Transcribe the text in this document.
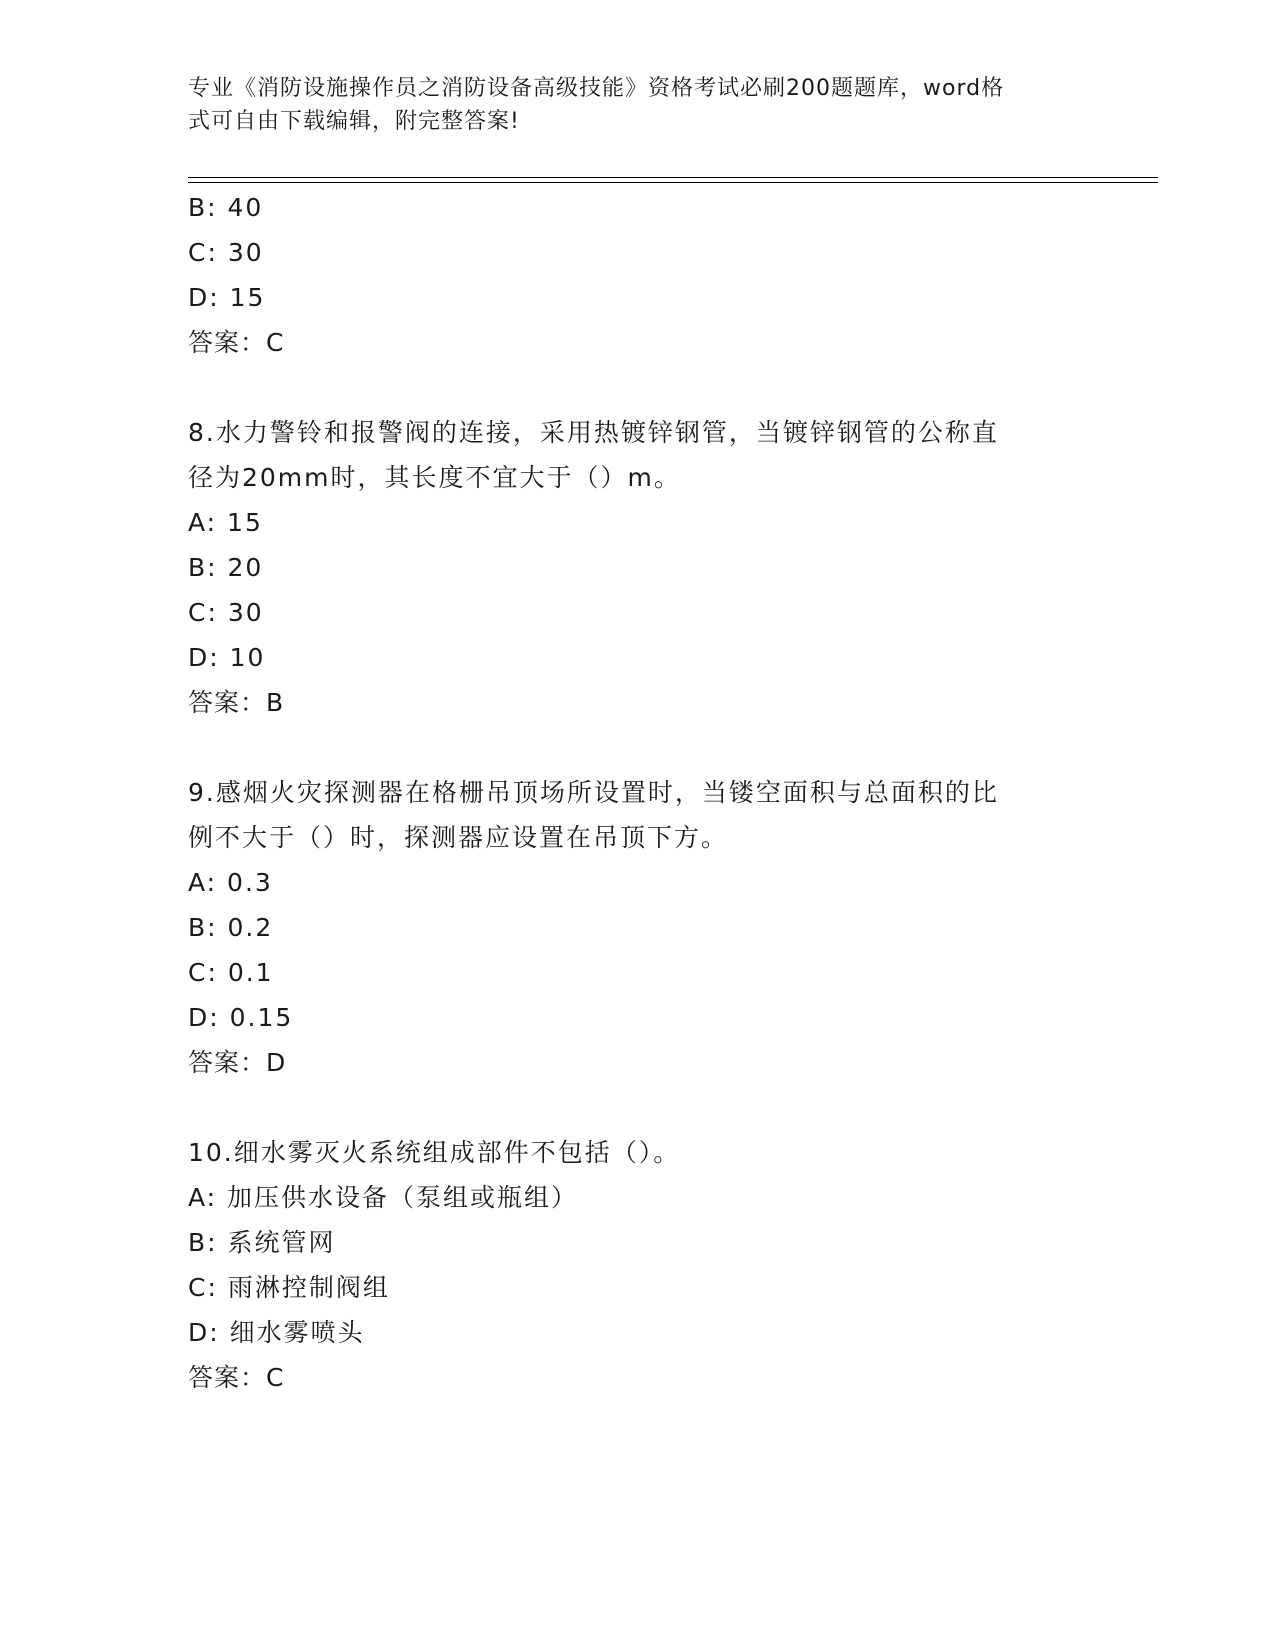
专业《消防设施操作员之消防设备高级技能》资格考试必刷200题题库，word格
式可自由下载编辑，附完整答案!
B: 40
C: 30
D: 15
答案：C
8.水力警铃和报警阀的连接，采用热镀锌钢管，当镀锌钢管的公称直
径为20mm时，其长度不宜大于（）m。
A: 15
B: 20
C: 30
D: 10
答案：B
9.感烟火灾探测器在格栅吊顶场所设置时，当镂空面积与总面积的比
例不大于（）时，探测器应设置在吊顶下方。
A: 0.3
B: 0.2
C: 0.1
D: 0.15
答案：D
10.细水雾灭火系统组成部件不包括（）。
A: 加压供水设备（泵组或瓶组）
B: 系统管网
C: 雨淋控制阀组
D: 细水雾喷头
答案：C
